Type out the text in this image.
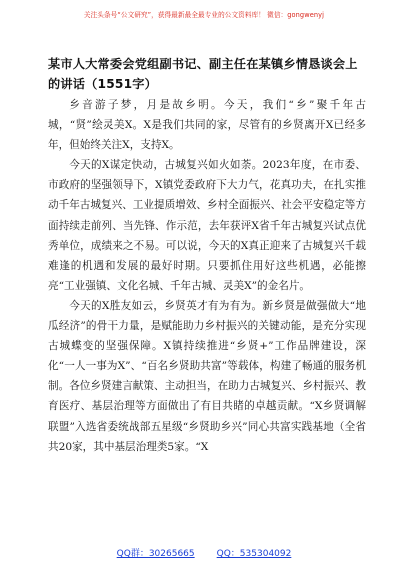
关注头条号“公文研究”，获得最新最全最专业的公文资料库！ 微信：gongwenyj
某市人大常委会党组副书记、副主任在某镇乡情恳谈会上的讲话（1551字）

乡音游子梦，月是故乡明。今天，我们“乡”聚千年古城，“贤”绘灵美X。X是我们共同的家，尽管有的乡贤离开X已经多年，但始终关注X，支持X。

今天的X谋定快动，古城复兴如火如荼。2023年度，在市委、市政府的坚强领导下，X镇党委政府下大力气，花真功夫，在扎实推动千年古城复兴、工业提质增效、乡村全面振兴、社会平安稳定等方面持续走前列、当先锋、作示范，去年获评X省千年古城复兴试点优秀单位，成绩来之不易。可以说，今天的X真正迎来了古城复兴千载难逢的机遇和发展的最好时期。只要抓住用好这些机遇，必能擦亮“工业强镇、文化名城、千年古城、灵美X”的金名片。

今天的X胜友如云，乡贤英才有为有为。新乡贤是做强做大“地瓜经济”的骨干力量，是赋能助力乡村振兴的关键动能，是充分实现古城蝶变的坚强保障。X镇持续推进“乡贤+”工作品牌建设，深化“一人一事为X”、“百名乡贤助共富”等载体，构建了畅通的服务机制。各位乡贤建言献策、主动担当，在助力古城复兴、乡村振兴、教育医疗、基层治理等方面做出了有目共睹的卓越贡献。“X乡贤调解联盟”入选省委统战部五星级“乡贤助乡兴”同心共富实践基地（全省共20家，其中基层治理类5家。“X

QQ群：30265665 QQ：535304092
